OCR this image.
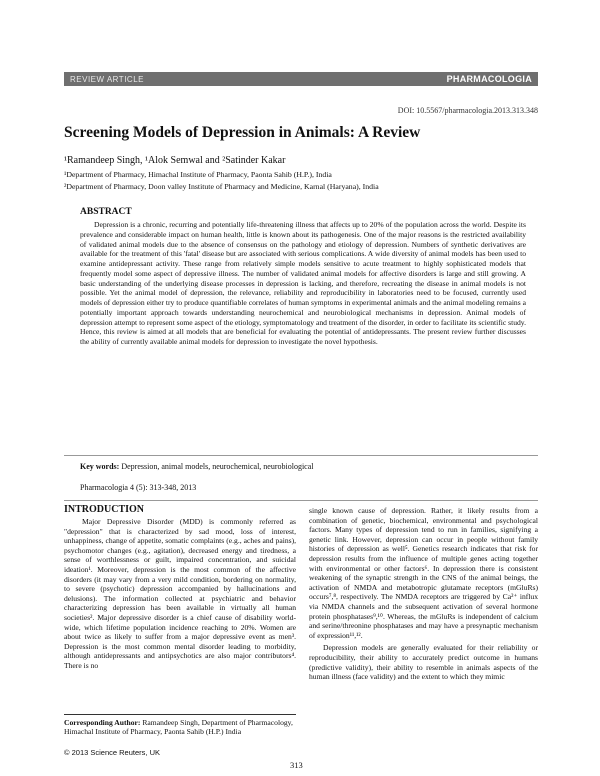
REVIEW ARTICLE	PHARMACOLOGIA
DOI: 10.5567/pharmacologia.2013.313.348
Screening Models of Depression in Animals: A Review
¹Ramandeep Singh, ¹Alok Semwal and ²Satinder Kakar
¹Department of Pharmacy, Himachal Institute of Pharmacy, Paonta Sahib (H.P.), India
²Department of Pharmacy, Doon valley Institute of Pharmacy and Medicine, Karnal (Haryana), India
ABSTRACT

Depression is a chronic, recurring and potentially life-threatening illness that affects up to 20% of the population across the world. Despite its prevalence and considerable impact on human health, little is known about its pathogenesis. One of the major reasons is the restricted availability of validated animal models due to the absence of consensus on the pathology and etiology of depression. Numbers of synthetic derivatives are available for the treatment of this 'fatal' disease but are associated with serious complications. A wide diversity of animal models has been used to examine antidepressant activity. These range from relatively simple models sensitive to acute treatment to highly sophisticated models that frequently model some aspect of depressive illness. The number of validated animal models for affective disorders is large and still growing. A basic understanding of the underlying disease processes in depression is lacking, and therefore, recreating the disease in animal models is not possible. Yet the animal model of depression, the relevance, reliability and reproducibility in laboratories need to be focused, currently used models of depression either try to produce quantifiable correlates of human symptoms in experimental animals and the animal modeling remains a potentially important approach towards understanding neurochemical and neurobiological mechanisms in depression. Animal models of depression attempt to represent some aspect of the etiology, symptomatology and treatment of the disorder, in order to facilitate its scientific study. Hence, this review is aimed at all models that are beneficial for evaluating the potential of antidepressants. The present review further discusses the ability of currently available animal models for depression to investigate the novel hypothesis.

Key words: Depression, animal models, neurochemical, neurobiological
Pharmacologia 4 (5): 313-348, 2013
INTRODUCTION

Major Depressive Disorder (MDD) is commonly referred as "depression" that is characterized by sad mood, loss of interest, unhappiness, change of appetite, somatic complaints (e.g., aches and pains), psychomotor changes (e.g., agitation), decreased energy and tiredness, a sense of worthlessness or guilt, impaired concentration, and suicidal ideation¹. Moreover, depression is the most common of the affective disorders (it may vary from a very mild condition, bordering on normality, to severe (psychotic) depression accompanied by hallucinations and delusions). The information collected at psychiatric and behavior characterizing depression has been available in virtually all human societies². Major depressive disorder is a chief cause of disability world-wide, which lifetime population incidence reaching to 20%. Women are about twice as likely to suffer from a major depressive event as men³. Depression is the most common mental disorder leading to morbidity, although antidepressants and antipsychotics are also major contributors⁴. There is no

single known cause of depression. Rather, it likely results from a combination of genetic, biochemical, environmental and psychological factors. Many types of depression tend to run in families, signifying a genetic link. However, depression can occur in people without family histories of depression as well⁵. Genetics research indicates that risk for depression results from the influence of multiple genes acting together with environmental or other factors⁶. In depression there is consistent weakening of the synaptic strength in the CNS of the animal beings, the activation of NMDA and metabotropic glutamate receptors (mGluRs) occurs⁷,⁸, respectively. The NMDA receptors are triggered by Ca²⁺ influx via NMDA channels and the subsequent activation of several hormone protein phosphatases⁹,¹⁰. Whereas, the mGluRs is independent of calcium and serine/threonine phosphatases and may have a presynaptic mechanism of expression¹¹,¹².

Depression models are generally evaluated for their reliability or reproducibility, their ability to accurately predict outcome in humans (predictive validity), their ability to resemble in animals aspects of the human illness (face validity) and the extent to which they mimic

Corresponding Author: Ramandeep Singh, Department of Pharmacology, Himachal Institute of Pharmacy, Paonta Sahib (H.P.) India
© 2013 Science Reuters, UK
313
